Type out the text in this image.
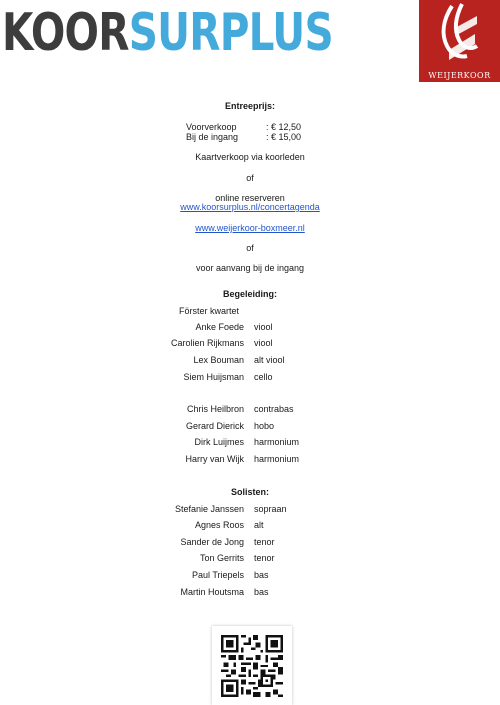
KOORSURPLUS
WEIJERKOOR
Entreeprijs:
Voorverkoop	: € 12,50
Bij de ingang	: € 15,00
Kaartverkoop via koorleden
of
online reserveren
www.koorsurplus.nl/concertagenda
www.weijerkoor-boxmeer.nl
of
voor aanvang bij de ingang
Begeleiding:
Förster kwartet
Anke Foede viool
Carolien Rijkmans viool
Lex Bouman alt viool
Siem Huijsman cello
Chris Heilbron contrabas
Gerard Dierick hobo
Dirk Luijmes harmonium
Harry van Wijk harmonium
Solisten:
Stefanie Janssen sopraan
Agnes Roos alt
Sander de Jong tenor
Ton Gerrits tenor
Paul Triepels bas
Martin Houtsma bas
